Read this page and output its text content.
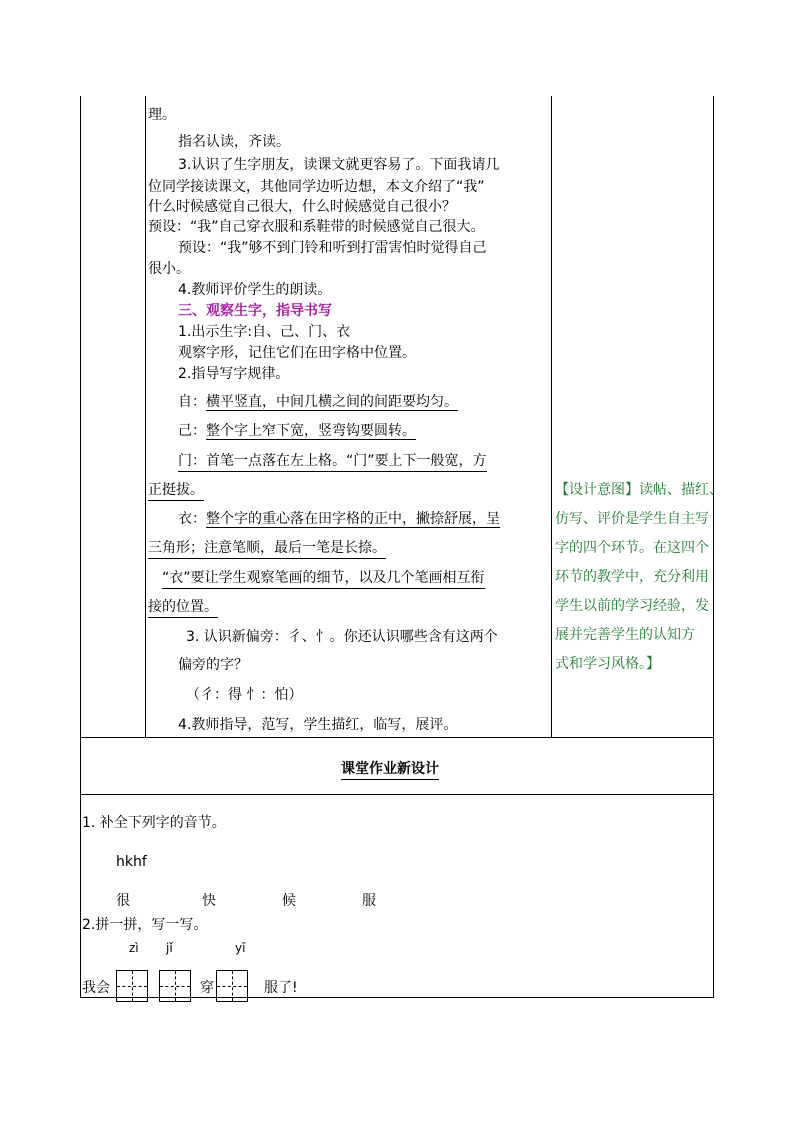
理。
指名认读，齐读。
3.认识了生字朋友，读课文就更容易了。下面我请几
位同学接读课文，其他同学边听边想，本文介绍了“我”
什么时候感觉自己很大，什么时候感觉自己很小？
预设：“我”自己穿衣服和系鞋带的时候感觉自己很大。
预设：“我”够不到门铃和听到打雷害怕时觉得自己
很小。
4.教师评价学生的朗读。
三、观察生字，指导书写
1.出示生字:自、己、门、衣
观察字形，记住它们在田字格中位置。
2.指导写字规律。
自：横平竖直，中间几横之间的间距要均匀。
己：整个字上窄下宽，竖弯钩要圆转。
门：首笔一点落在左上格。“门”要上下一般宽，方
正挺拔。
衣：整个字的重心落在田字格的正中，撇捺舒展，呈
三角形；注意笔顺，最后一笔是长捺。
“衣”要让学生观察笔画的细节，以及几个笔画相互衔
接的位置。
3. 认识新偏旁：彳、忄。你还认识哪些含有这两个
偏旁的字？
（彳：得 忄：怕）
4.教师指导，范写，学生描红，临写，展评。
【设计意图】读帖、描红、
仿写、评价是学生自主写
字的四个环节。在这四个
环节的教学中，充分利用
学生以前的学习经验，发
展并完善学生的认知方
式和学习风格。】
课堂作业新设计
1. 补全下列字的音节。
hkhf
很	快	候	服
2.拼一拼，写一写。
zì jǐ	yī
我会	穿	服了!
